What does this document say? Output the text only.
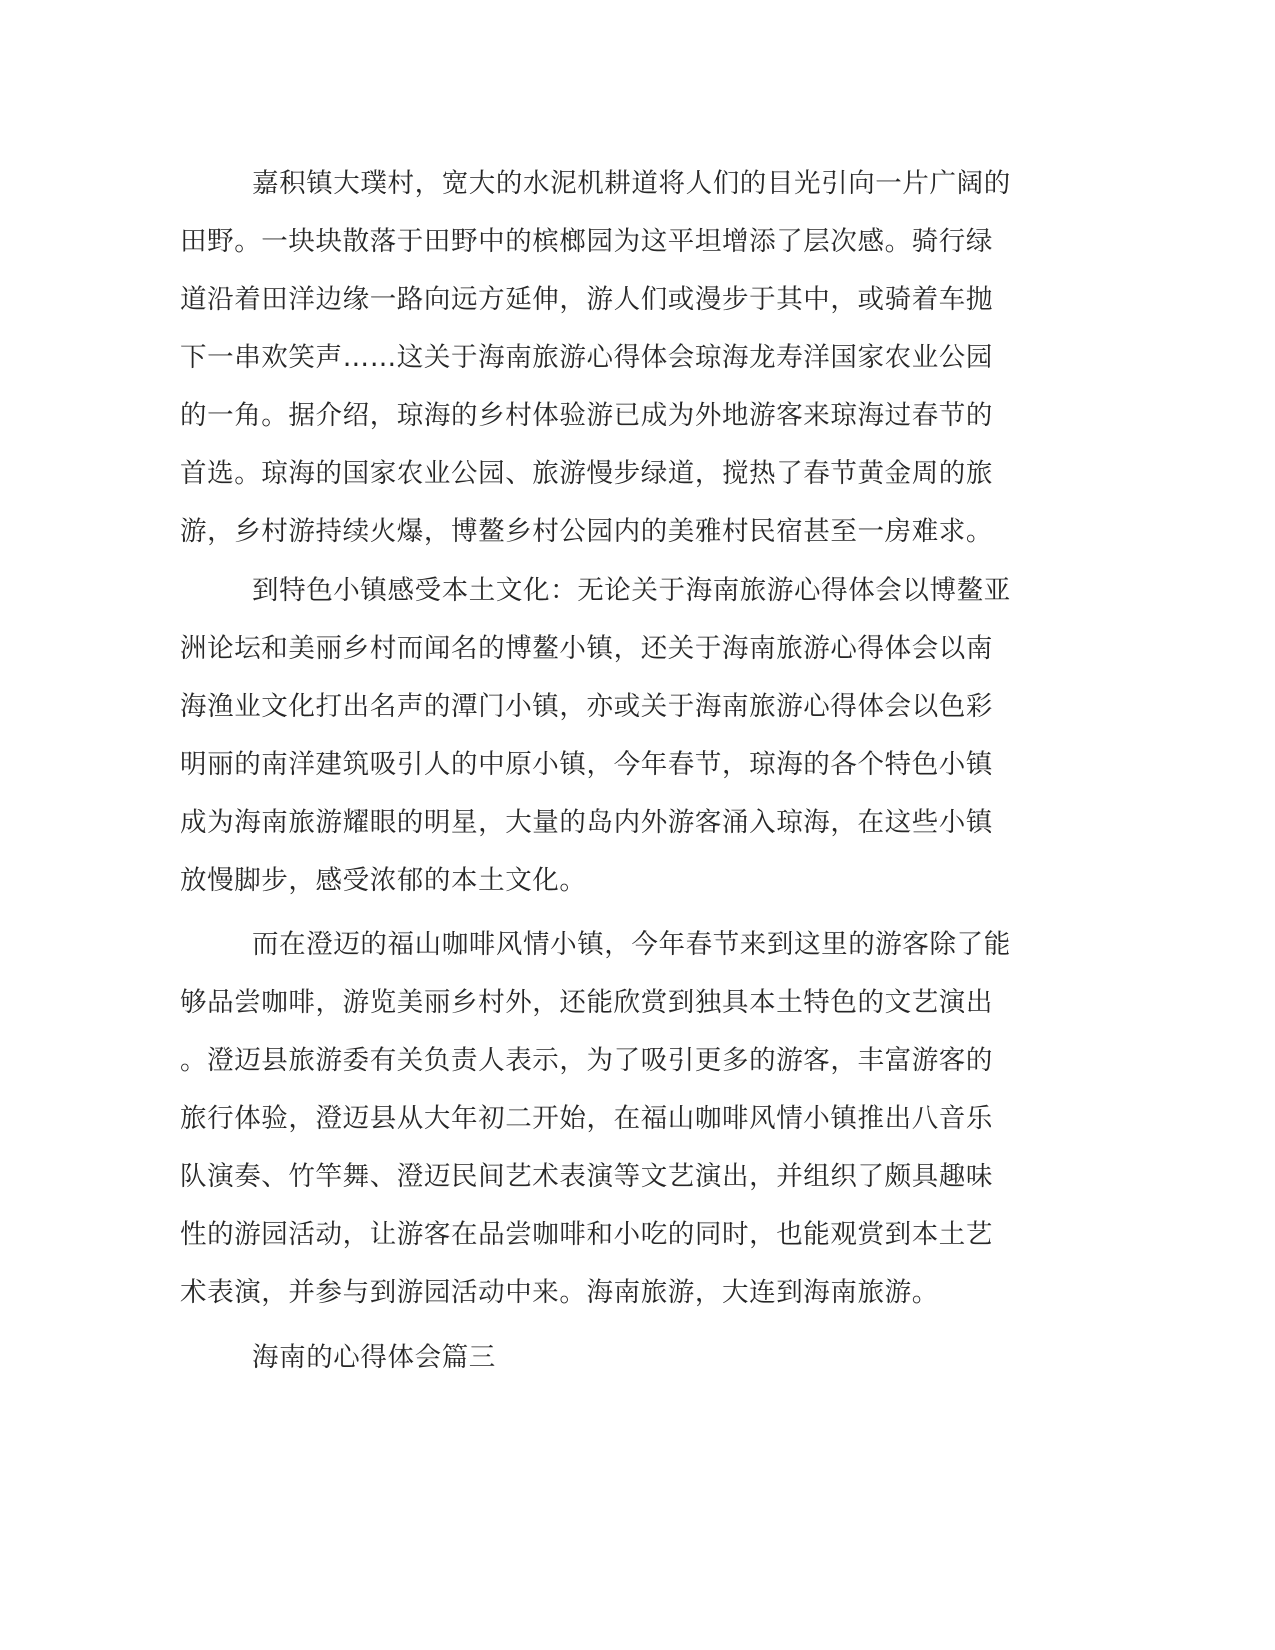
嘉积镇大璞村，宽大的水泥机耕道将人们的目光引向一片广阔的

田野。一块块散落于田野中的槟榔园为这平坦增添了层次感。骑行绿

道沿着田洋边缘一路向远方延伸，游人们或漫步于其中，或骑着车抛

下一串欢笑声……这关于海南旅游心得体会琼海龙寿洋国家农业公园

的一角。据介绍，琼海的乡村体验游已成为外地游客来琼海过春节的

首选。琼海的国家农业公园、旅游慢步绿道，搅热了春节黄金周的旅

游，乡村游持续火爆，博鳌乡村公园内的美雅村民宿甚至一房难求。

到特色小镇感受本土文化：无论关于海南旅游心得体会以博鳌亚

洲论坛和美丽乡村而闻名的博鳌小镇，还关于海南旅游心得体会以南

海渔业文化打出名声的潭门小镇，亦或关于海南旅游心得体会以色彩

明丽的南洋建筑吸引人的中原小镇，今年春节，琼海的各个特色小镇

成为海南旅游耀眼的明星，大量的岛内外游客涌入琼海，在这些小镇

放慢脚步，感受浓郁的本土文化。

而在澄迈的福山咖啡风情小镇，今年春节来到这里的游客除了能

够品尝咖啡，游览美丽乡村外，还能欣赏到独具本土特色的文艺演出

。澄迈县旅游委有关负责人表示，为了吸引更多的游客，丰富游客的

旅行体验，澄迈县从大年初二开始，在福山咖啡风情小镇推出八音乐

队演奏、竹竿舞、澄迈民间艺术表演等文艺演出，并组织了颇具趣味

性的游园活动，让游客在品尝咖啡和小吃的同时，也能观赏到本土艺

术表演，并参与到游园活动中来。海南旅游，大连到海南旅游。

海南的心得体会篇三
